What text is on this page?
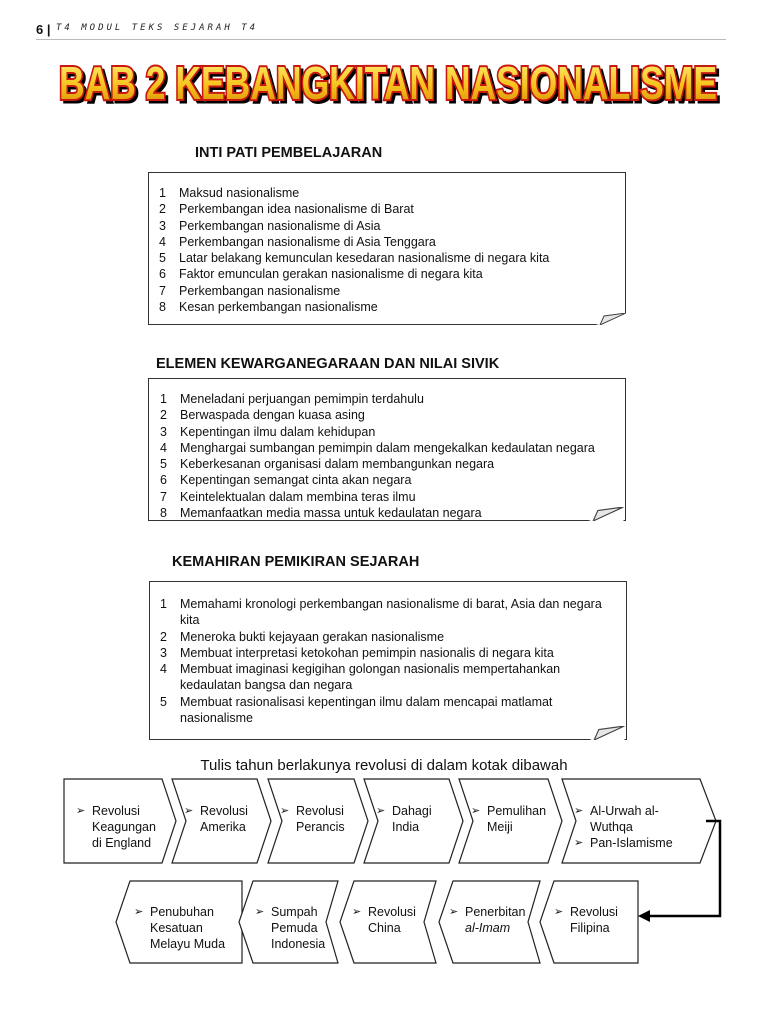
6 | T4 MODUL TEKS SEJARAH T4
BAB 2 KEBANGKITAN NASIONALISME
BAB 2 KEBANGKITAN NASIONALISME
BAB 2 KEBANGKITAN NASIONALISME
INTI PATI PEMBELAJARAN
1 Maksud nasionalisme
2 Perkembangan idea nasionalisme di Barat
3 Perkembangan nasionalisme di Asia
4 Perkembangan nasionalisme di Asia Tenggara
5 Latar belakang kemunculan kesedaran nasionalisme di negara kita
6 Faktor emunculan gerakan nasionalisme di negara kita
7 Perkembangan nasionalisme
8 Kesan perkembangan nasionalisme
ELEMEN KEWARGANEGARAAN DAN NILAI SIVIK
1 Meneladani perjuangan pemimpin terdahulu
2 Berwaspada dengan kuasa asing
3 Kepentingan ilmu dalam kehidupan
4 Menghargai sumbangan pemimpin dalam mengekalkan kedaulatan negara
5 Keberkesanan organisasi dalam membangunkan negara
6 Kepentingan semangat cinta akan negara
7 Keintelektualan dalam membina teras ilmu
8 Memanfaatkan media massa untuk kedaulatan negara
KEMAHIRAN PEMIKIRAN SEJARAH
1 Memahami kronologi perkembangan nasionalisme di barat, Asia dan negara kita
2 Meneroka bukti kejayaan gerakan nasionalisme
3 Membuat interpretasi ketokohan pemimpin nasionalis di negara kita
4 Membuat imaginasi kegigihan golongan nasionalis mempertahankan kedaulatan bangsa dan negara
5 Membuat rasionalisasi kepentingan ilmu dalam mencapai matlamat nasionalisme
Tulis tahun berlakunya revolusi di dalam kotak dibawah
➢ Revolusi
Keagungan
di England
➢ Revolusi
Amerika
➢ Revolusi
Perancis
➢ Dahagi
India
➢ Pemulihan
Meiji
➢ Al-Urwah al-
Wuthqa
➢ Pan-Islamisme
➢ Penubuhan
Kesatuan
Melayu Muda
➢ Sumpah
Pemuda
Indonesia
➢ Revolusi
China
➢ Penerbitan
al-Imam
➢ Revolusi
Filipina
